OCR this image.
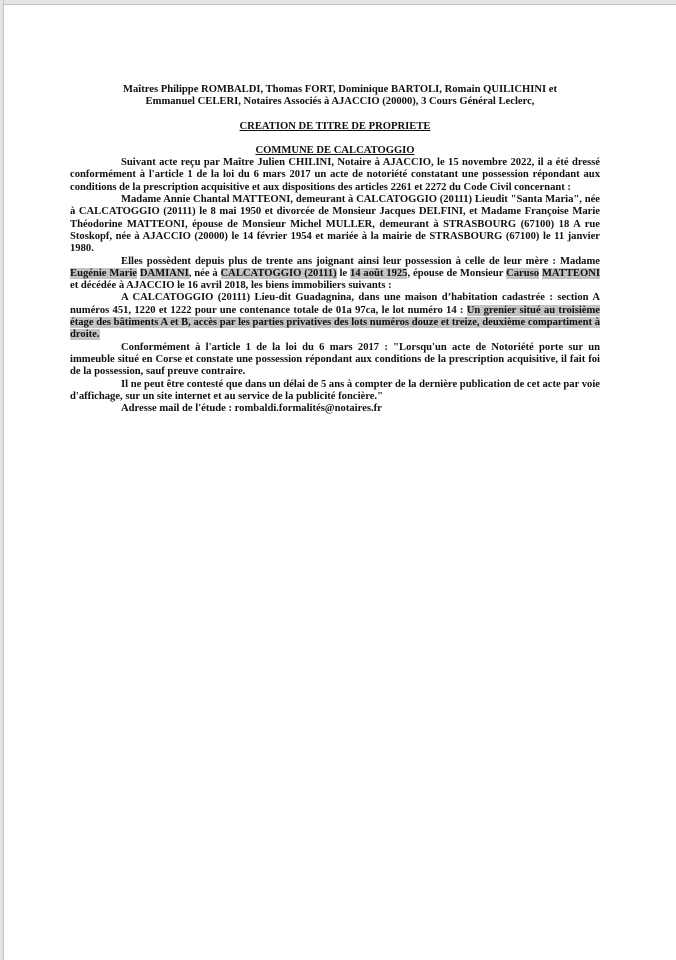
Maîtres Philippe ROMBALDI, Thomas FORT, Dominique BARTOLI, Romain QUILICHINI et Emmanuel CELERI, Notaires Associés à AJACCIO (20000), 3 Cours Général Leclerc,
CREATION DE TITRE DE PROPRIETE
COMMUNE DE CALCATOGGIO

Suivant acte reçu par Maître Julien CHILINI, Notaire à AJACCIO, le 15 novembre 2022, il a été dressé conformément à l'article 1 de la loi du 6 mars 2017 un acte de notoriété constatant une possession répondant aux conditions de la prescription acquisitive et aux dispositions des articles 2261 et 2272 du Code Civil concernant :

Madame Annie Chantal MATTEONI, demeurant à CALCATOGGIO (20111) Lieudit "Santa Maria", née à CALCATOGGIO (20111) le 8 mai 1950 et divorcée de Monsieur Jacques DELFINI, et Madame Françoise Marie Théodorine MATTEONI, épouse de Monsieur Michel MULLER, demeurant à STRASBOURG (67100) 18 A rue Stoskopf, née à AJACCIO (20000) le 14 février 1954 et mariée à la mairie de STRASBOURG (67100) le 11 janvier 1980.

Elles possèdent depuis plus de trente ans joignant ainsi leur possession à celle de leur mère : Madame Eugénie Marie DAMIANI, née à CALCATOGGIO (20111) le 14 août 1925, épouse de Monsieur Caruso MATTEONI et décédée à AJACCIO le 16 avril 2018, les biens immobiliers suivants :

A CALCATOGGIO (20111) Lieu-dit Guadagnina, dans une maison d’habitation cadastrée : section A numéros 451, 1220 et 1222 pour une contenance totale de 01a 97ca, le lot numéro 14 : Un grenier situé au troisième étage des bâtiments A et B, accès par les parties privatives des lots numéros douze et treize, deuxième compartiment à droite.

Conformément à l'article 1 de la loi du 6 mars 2017 : "Lorsqu'un acte de Notoriété porte sur un immeuble situé en Corse et constate une possession répondant aux conditions de la prescription acquisitive, il fait foi de la possession, sauf preuve contraire.

Il ne peut être contesté que dans un délai de 5 ans à compter de la dernière publication de cet acte par voie d'affichage, sur un site internet et au service de la publicité foncière."

Adresse mail de l'étude : rombaldi.formalités@notaires.fr
